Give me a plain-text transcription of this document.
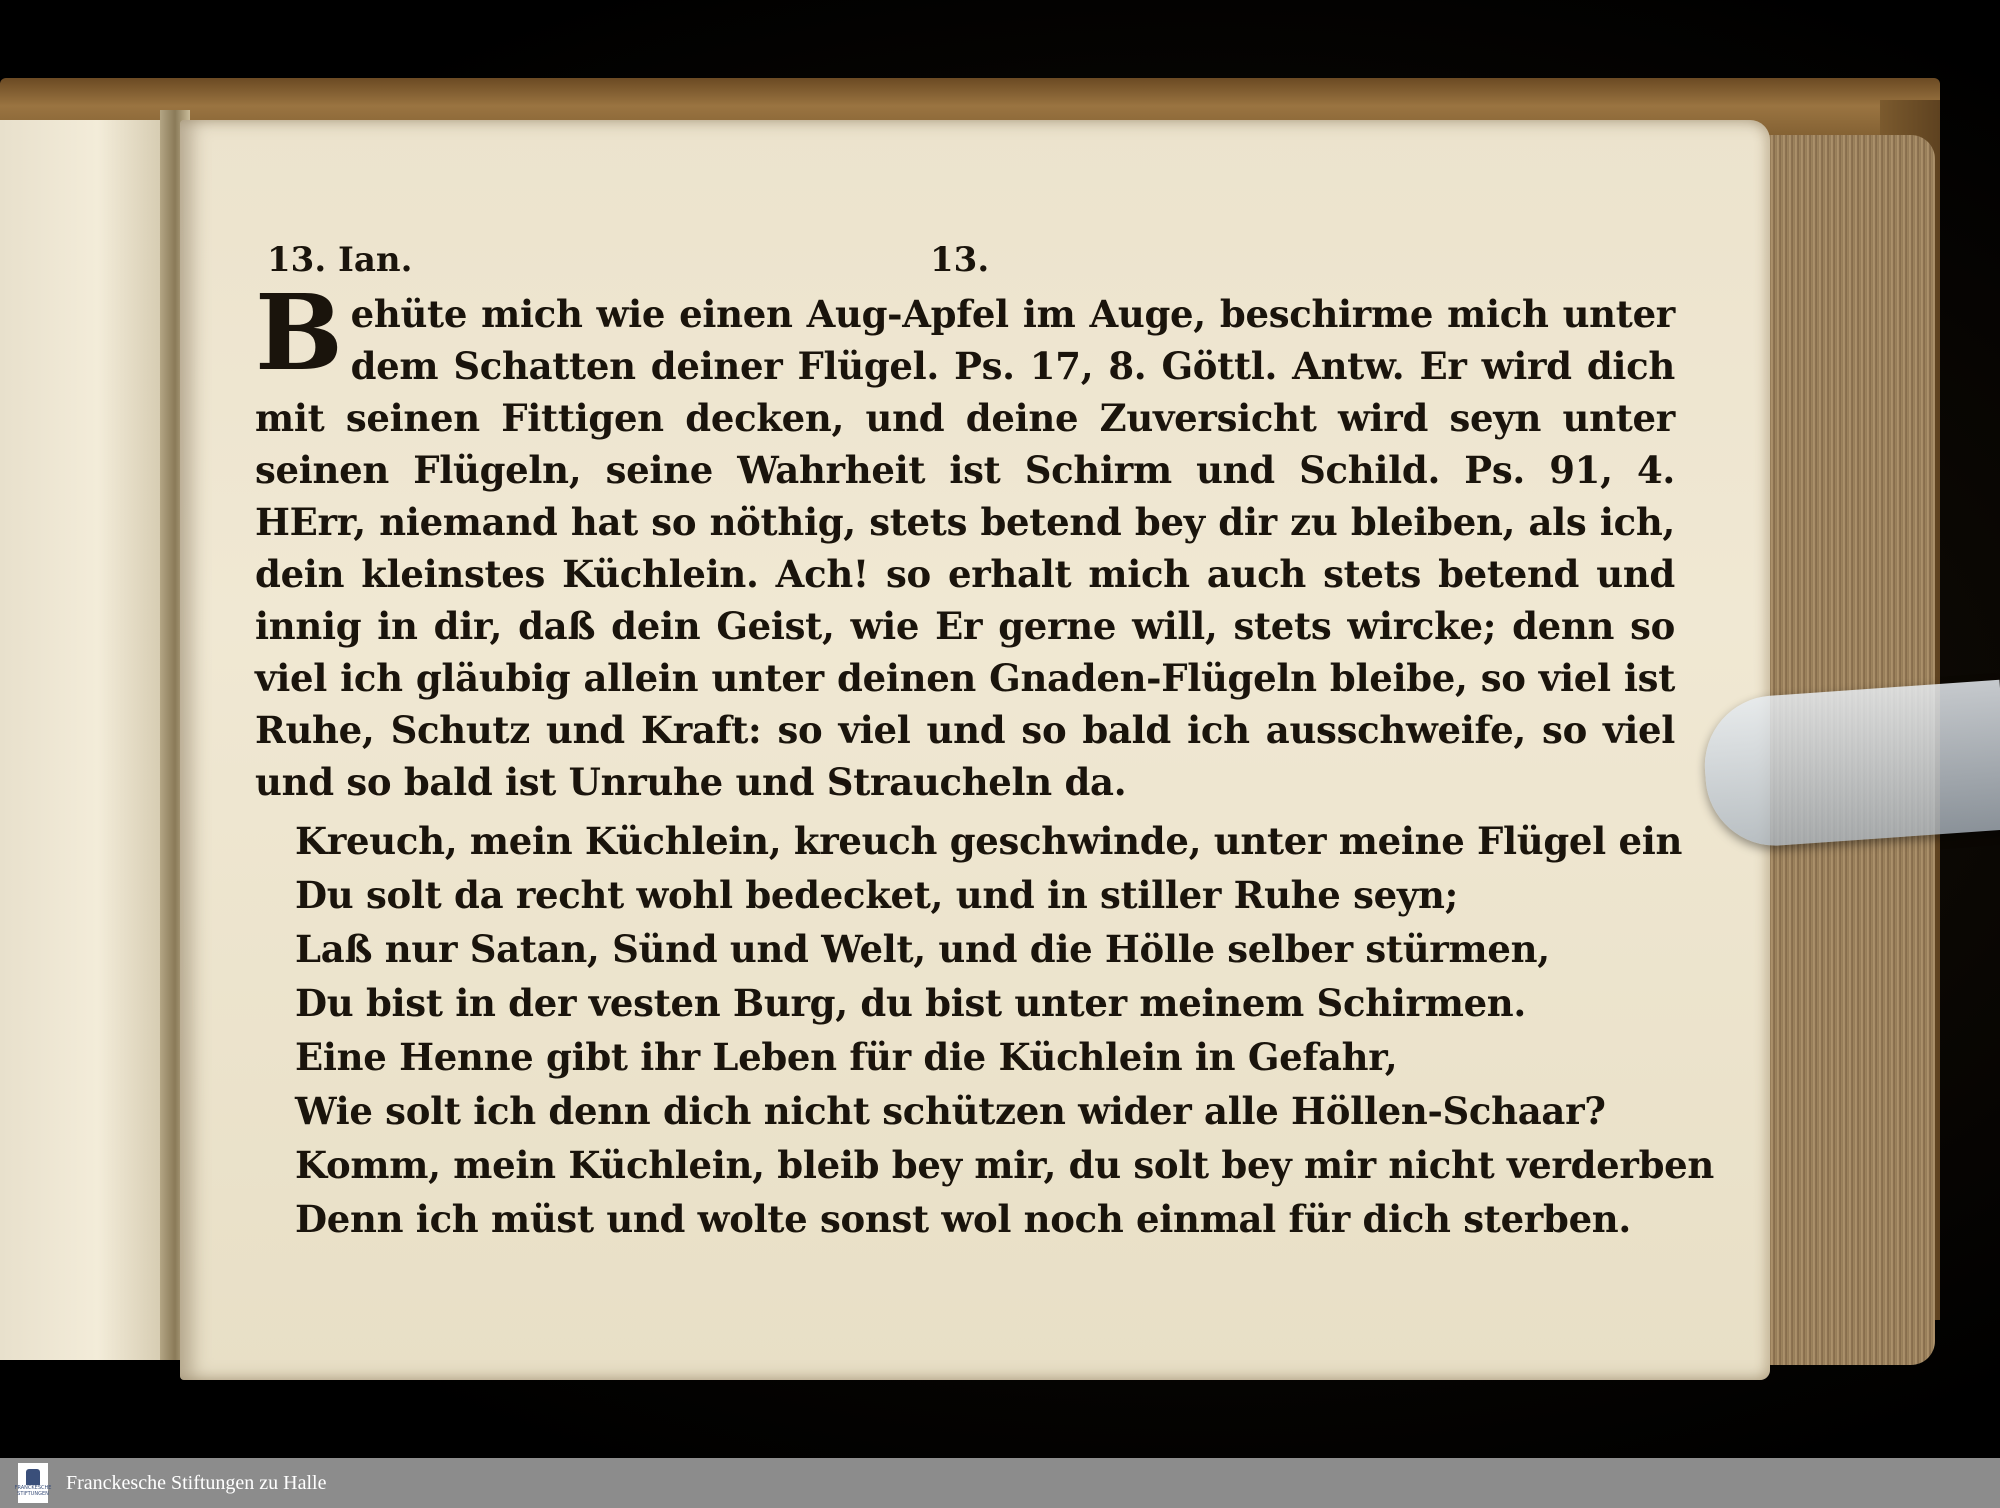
13. Ian.	13.
Behüte mich wie einen Aug-Apfel im Auge, beschirme mich unter dem Schatten deiner Flügel. Ps. 17, 8. Göttl. Antw. Er wird dich mit seinen Fittigen decken, und deine Zuversicht wird seyn unter seinen Flügeln, seine Wahrheit ist Schirm und Schild. Ps. 91, 4. HErr, niemand hat so nöthig, stets betend bey dir zu bleiben, als ich, dein kleinstes Küchlein. Ach! so erhalt mich auch stets betend und innig in dir, daß dein Geist, wie Er gerne will, stets wircke; denn so viel ich gläubig allein unter deinen Gnaden-Flügeln bleibe, so viel ist Ruhe, Schutz und Kraft: so viel und so bald ich ausschweife, so viel und so bald ist Unruhe und Straucheln da.
Kreuch, mein Küchlein, kreuch geschwinde, unter meine Flügel ein
Du solt da recht wohl bedecket, und in stiller Ruhe seyn;
Laß nur Satan, Sünd und Welt, und die Hölle selber stürmen,
Du bist in der vesten Burg, du bist unter meinem Schirmen.
Eine Henne gibt ihr Leben für die Küchlein in Gefahr,
Wie solt ich denn dich nicht schützen wider alle Höllen-Schaar?
Komm, mein Küchlein, bleib bey mir, du solt bey mir nicht verderben
Denn ich müst und wolte sonst wol noch einmal für dich sterben.
FRANCKESCHE
STIFTUNGEN
Franckesche Stiftungen zu Halle
